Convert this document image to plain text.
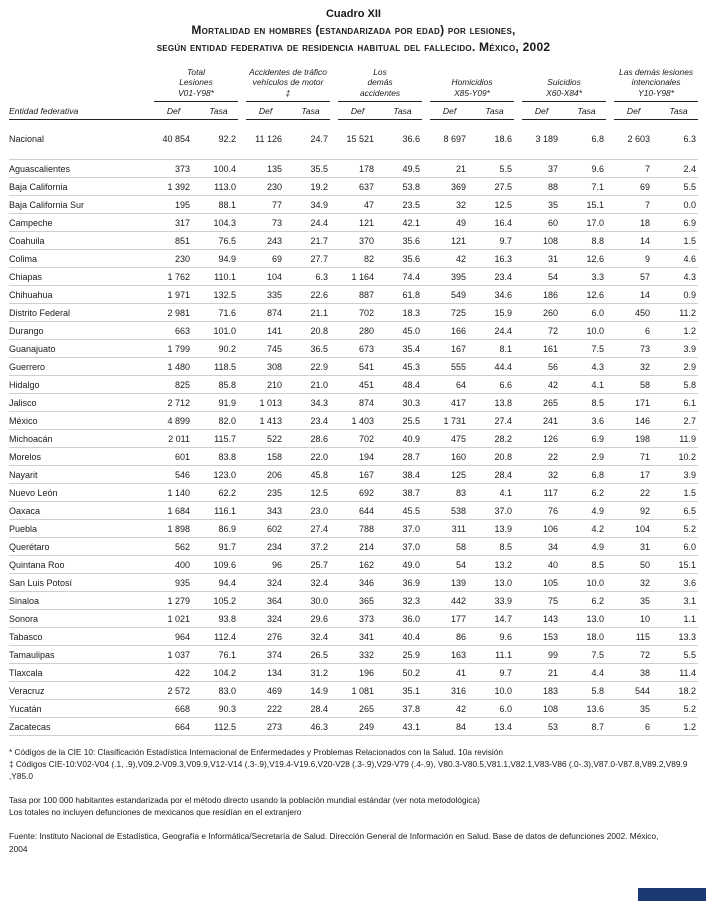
Cuadro XII
Mortalidad en hombres (estandarizada por edad) por lesiones,
según entidad federativa de residencia habitual del fallecido. México, 2002

Total
Lesiones
V01-Y98*

Accidentes de tráfico
vehículos de motor
‡

Los
demás
accidentes

Homicidios
X85-Y09*

Suicidios
X60-X84*

Las demás lesiones
intencionales
Y10-Y98*

Entidad federativa	Def	Tasa		Def	Tasa		Def	Tasa		Def	Tasa		Def	Tasa		Def	Tasa
Nacional	40 854	92.2		11 126	24.7		15 521	36.6		8 697	18.6		3 189	6.8		2 603	6.3
Aguascalientes	373	100.4		135	35.5		178	49.5		21	5.5		37	9.6		7	2.4
Baja California	1 392	113.0		230	19.2		637	53.8		369	27.5		88	7.1		69	5.5
Baja California Sur	195	88.1		77	34.9		47	23.5		32	12.5		35	15.1		7	0.0
Campeche	317	104.3		73	24.4		121	42.1		49	16.4		60	17.0		18	6.9
Coahuila	851	76.5		243	21.7		370	35.6		121	9.7		108	8.8		14	1.5
Colima	230	94.9		69	27.7		82	35.6		42	16.3		31	12.6		9	4.6
Chiapas	1 762	110.1		104	6.3		1 164	74.4		395	23.4		54	3.3		57	4.3
Chihuahua	1 971	132.5		335	22.6		887	61.8		549	34.6		186	12.6		14	0.9
Distrito Federal	2 981	71.6		874	21.1		702	18.3		725	15.9		260	6.0		450	11.2
Durango	663	101.0		141	20.8		280	45.0		166	24.4		72	10.0		6	1.2
Guanajuato	1 799	90.2		745	36.5		673	35.4		167	8.1		161	7.5		73	3.9
Guerrero	1 480	118.5		308	22.9		541	45.3		555	44.4		56	4.3		32	2.9
Hidalgo	825	85.8		210	21.0		451	48.4		64	6.6		42	4.1		58	5.8
Jalisco	2 712	91.9		1 013	34.3		874	30.3		417	13.8		265	8.5		171	6.1
México	4 899	82.0		1 413	23.4		1 403	25.5		1 731	27.4		241	3.6		146	2.7
Michoacán	2 011	115.7		522	28.6		702	40.9		475	28.2		126	6.9		198	11.9
Morelos	601	83.8		158	22.0		194	28.7		160	20.8		22	2.9		71	10.2
Nayarit	546	123.0		206	45.8		167	38.4		125	28.4		32	6.8		17	3.9
Nuevo León	1 140	62.2		235	12.5		692	38.7		83	4.1		117	6.2		22	1.5
Oaxaca	1 684	116.1		343	23.0		644	45.5		538	37.0		76	4.9		92	6.5
Puebla	1 898	86.9		602	27.4		788	37.0		311	13.9		106	4.2		104	5.2
Querétaro	562	91.7		234	37.2		214	37.0		58	8.5		34	4.9		31	6.0
Quintana Roo	400	109.6		96	25.7		162	49.0		54	13.2		40	8.5		50	15.1
San Luis Potosí	935	94.4		324	32.4		346	36.9		139	13.0		105	10.0		32	3.6
Sinaloa	1 279	105.2		364	30.0		365	32.3		442	33.9		75	6.2		35	3.1
Sonora	1 021	93.8		324	29.6		373	36.0		177	14.7		143	13.0		10	1.1
Tabasco	964	112.4		276	32.4		341	40.4		86	9.6		153	18.0		115	13.3
Tamaulipas	1 037	76.1		374	26.5		332	25.9		163	11.1		99	7.5		72	5.5
Tlaxcala	422	104.2		134	31.2		196	50.2		41	9.7		21	4.4		38	11.4
Veracruz	2 572	83.0		469	14.9		1 081	35.1		316	10.0		183	5.8		544	18.2
Yucatán	668	90.3		222	28.4		265	37.8		42	6.0		108	13.6		35	5.2
Zacatecas	664	112.5		273	46.3		249	43.1		84	13.4		53	8.7		6	1.2
* Códigos de la CIE 10: Clasificación Estadística Internacional de Enfermedades y Problemas Relacionados con la Salud. 10a revisión
‡ Códigos CIE-10:V02-V04 (.1, .9),V09.2-V09.3,V09.9,V12-V14 (.3-.9),V19.4-V19.6,V20-V28 (.3-.9),V29-V79 (.4-.9), V80.3-V80.5,V81.1,V82.1,V83-V86 (.0-.3),V87.0-V87.8,V89.2,V89.9 ,Y85.0
Tasa por 100 000 habitantes estandarizada por el método directo usando la población mundial estándar (ver nota metodológica)
Los totales no incluyen defunciones de mexicanos que residían en el extranjero
Fuente: Instituto Nacional de Estadística, Geografía e Informática/Secretaría de Salud. Dirección General de Información en Salud. Base de datos de defunciones 2002. México, 2004
